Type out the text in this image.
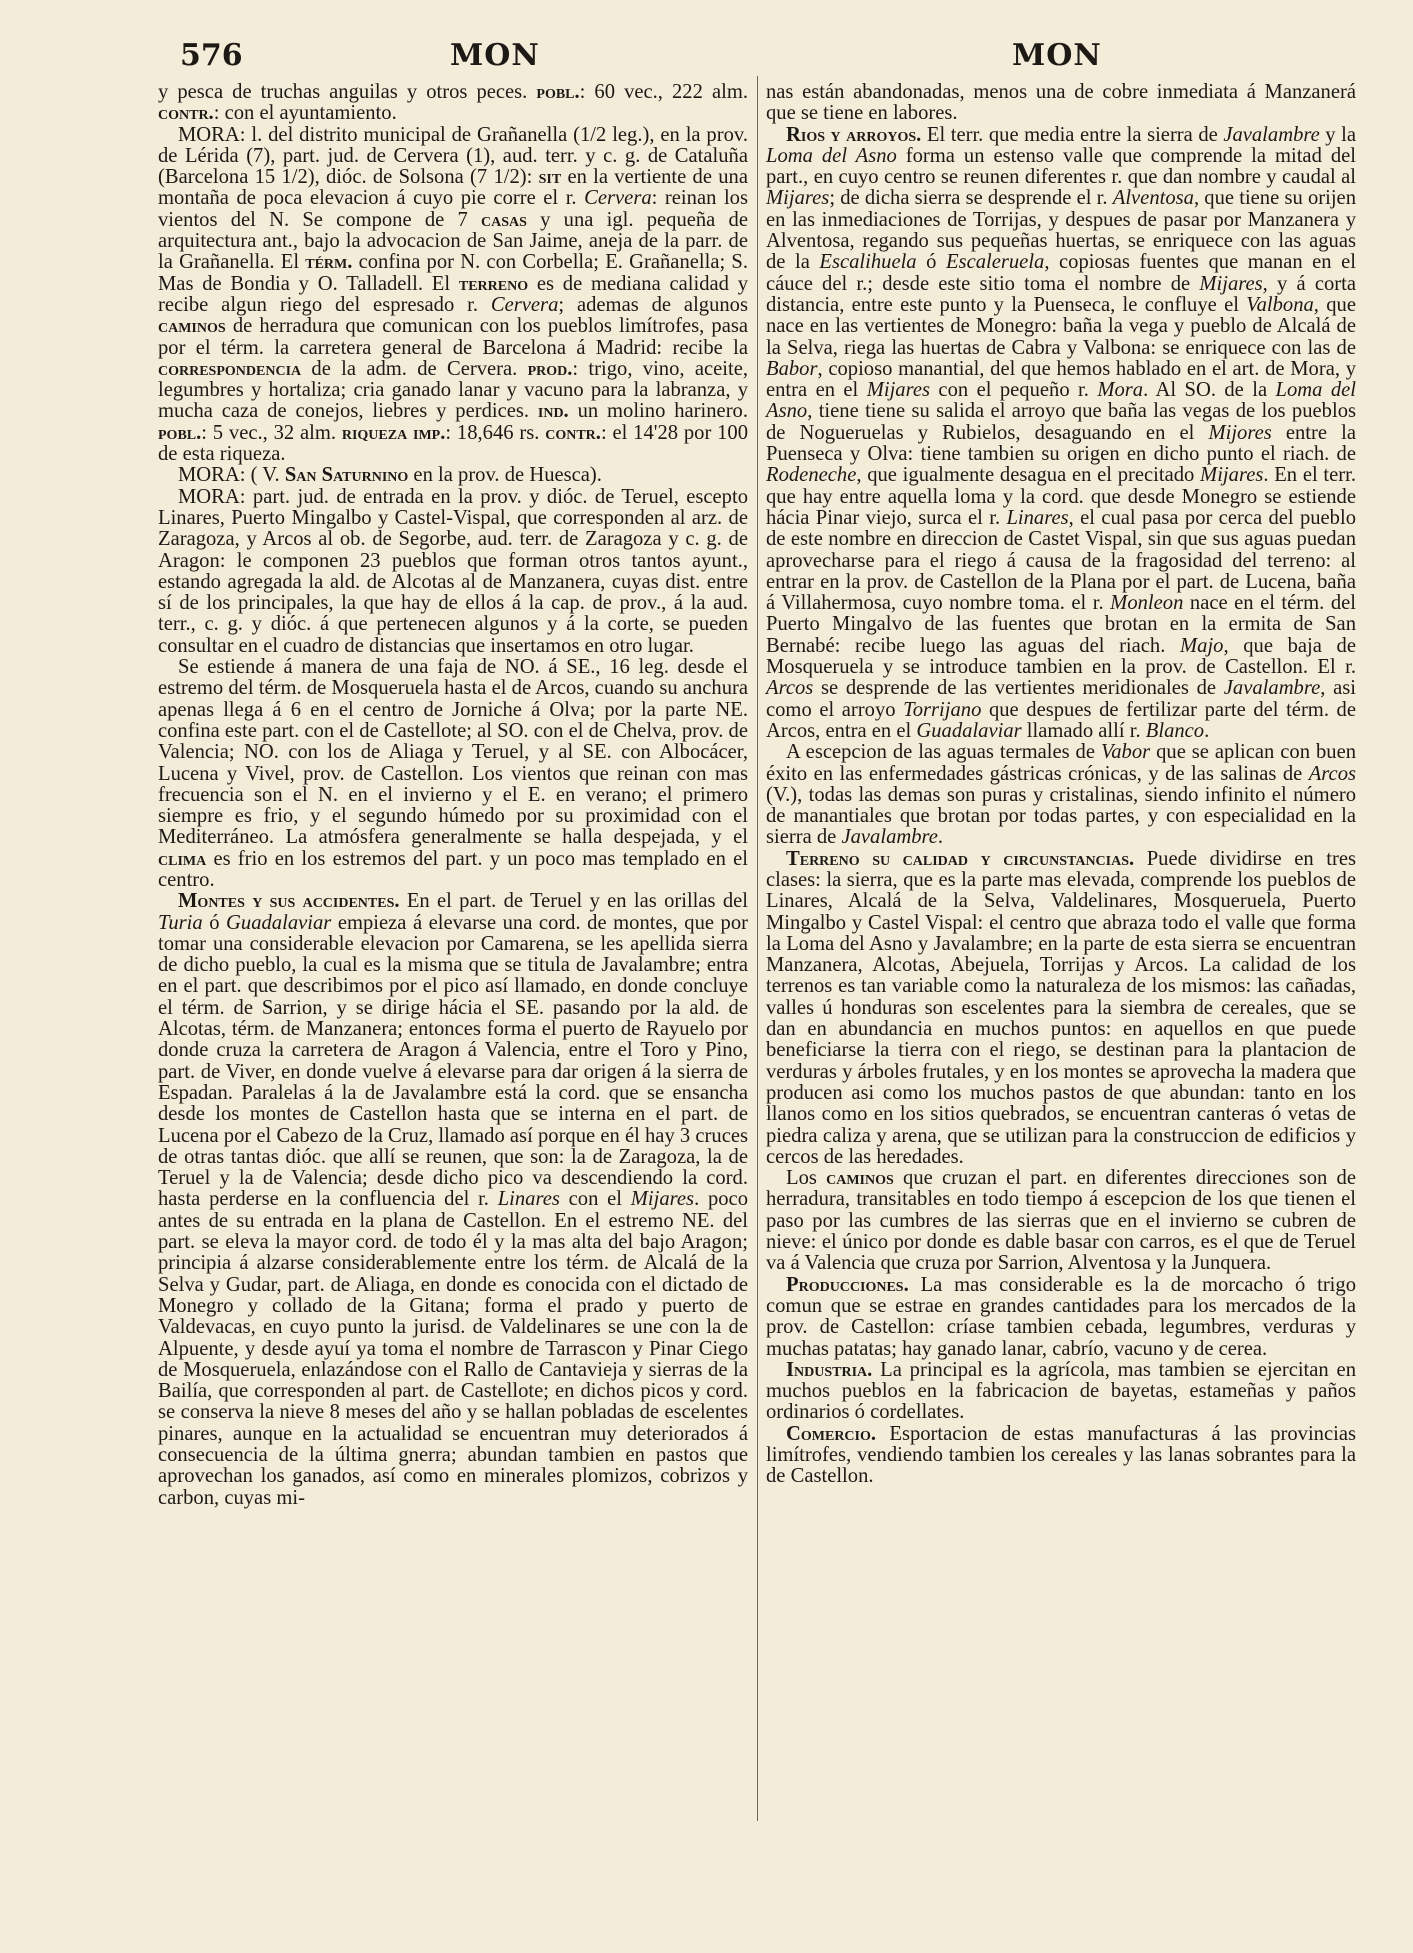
576	MON	MON

y pesca de truchas anguilas y otros peces. pobl.: 60 vec., 222 alm. contr.: con el ayuntamiento.

MORA: l. del distrito municipal de Grañanella (1/2 leg.), en la prov. de Lérida (7), part. jud. de Cervera (1), aud. terr. y c. g. de Cataluña (Barcelona 15 1/2), dióc. de Solsona (7 1/2): sit en la vertiente de una montaña de poca elevacion á cuyo pie corre el r. Cervera: reinan los vientos del N. Se compone de 7 casas y una igl. pequeña de arquitectura ant., bajo la advocacion de San Jaime, aneja de la parr. de la Grañanella. El térm. confina por N. con Corbella; E. Grañanella; S. Mas de Bondia y O. Talladell. El terreno es de mediana calidad y recibe algun riego del espresado r. Cervera; ademas de algunos caminos de herradura que comunican con los pueblos limítrofes, pasa por el térm. la carretera general de Barcelona á Madrid: recibe la correspondencia de la adm. de Cervera. prod.: trigo, vino, aceite, legumbres y hortaliza; cria ganado lanar y vacuno para la labranza, y mucha caza de conejos, liebres y perdices. ind. un molino harinero. pobl.: 5 vec., 32 alm. riqueza imp.: 18,646 rs. contr.: el 14'28 por 100 de esta riqueza.

MORA: ( V. San Saturnino en la prov. de Huesca).

MORA: part. jud. de entrada en la prov. y dióc. de Teruel, escepto Linares, Puerto Mingalbo y Castel-Vispal, que corresponden al arz. de Zaragoza, y Arcos al ob. de Segorbe, aud. terr. de Zaragoza y c. g. de Aragon: le componen 23 pueblos que forman otros tantos ayunt., estando agregada la ald. de Alcotas al de Manzanera, cuyas dist. entre sí de los principales, la que hay de ellos á la cap. de prov., á la aud. terr., c. g. y dióc. á que pertenecen algunos y á la corte, se pueden consultar en el cuadro de distancias que insertamos en otro lugar.

Se estiende á manera de una faja de NO. á SE., 16 leg. desde el estremo del térm. de Mosqueruela hasta el de Arcos, cuando su anchura apenas llega á 6 en el centro de Jorniche á Olva; por la parte NE. confina este part. con el de Castellote; al SO. con el de Chelva, prov. de Valencia; NO. con los de Aliaga y Teruel, y al SE. con Albocácer, Lucena y Vivel, prov. de Castellon. Los vientos que reinan con mas frecuencia son el N. en el invierno y el E. en verano; el primero siempre es frio, y el segundo húmedo por su proximidad con el Mediterráneo. La atmósfera generalmente se halla despejada, y el clima es frio en los estremos del part. y un poco mas templado en el centro.

Montes y sus accidentes. En el part. de Teruel y en las orillas del Turia ó Guadalaviar empieza á elevarse una cord. de montes, que por tomar una considerable elevacion por Camarena, se les apellida sierra de dicho pueblo, la cual es la misma que se titula de Javalambre; entra en el part. que describimos por el pico así llamado, en donde concluye el térm. de Sarrion, y se dirige hácia el SE. pasando por la ald. de Alcotas, térm. de Manzanera; entonces forma el puerto de Rayuelo por donde cruza la carretera de Aragon á Valencia, entre el Toro y Pino, part. de Viver, en donde vuelve á elevarse para dar origen á la sierra de Espadan. Paralelas á la de Javalambre está la cord. que se ensancha desde los montes de Castellon hasta que se interna en el part. de Lucena por el Cabezo de la Cruz, llamado así porque en él hay 3 cruces de otras tantas dióc. que allí se reunen, que son: la de Zaragoza, la de Teruel y la de Valencia; desde dicho pico va descendiendo la cord. hasta perderse en la confluencia del r. Linares con el Mijares. poco antes de su entrada en la plana de Castellon. En el estremo NE. del part. se eleva la mayor cord. de todo él y la mas alta del bajo Aragon; principia á alzarse considerablemente entre los térm. de Alcalá de la Selva y Gudar, part. de Aliaga, en donde es conocida con el dictado de Monegro y collado de la Gitana; forma el prado y puerto de Valdevacas, en cuyo punto la jurisd. de Valdelinares se une con la de Alpuente, y desde ayuí ya toma el nombre de Tarrascon y Pinar Ciego de Mosqueruela, enlazándose con el Rallo de Cantavieja y sierras de la Bailía, que corresponden al part. de Castellote; en dichos picos y cord. se conserva la nieve 8 meses del año y se hallan pobladas de escelentes pinares, aunque en la actualidad se encuentran muy deteriorados á consecuencia de la última gnerra; abundan tambien en pastos que aprovechan los ganados, así como en minerales plomizos, cobrizos y carbon, cuyas mi-

nas están abandonadas, menos una de cobre inmediata á Manzanerá que se tiene en labores.

Rios y arroyos. El terr. que media entre la sierra de Javalambre y la Loma del Asno forma un estenso valle que comprende la mitad del part., en cuyo centro se reunen diferentes r. que dan nombre y caudal al Mijares; de dicha sierra se desprende el r. Alventosa, que tiene su orijen en las inmediaciones de Torrijas, y despues de pasar por Manzanera y Alventosa, regando sus pequeñas huertas, se enriquece con las aguas de la Escalihuela ó Escaleruela, copiosas fuentes que manan en el cáuce del r.; desde este sitio toma el nombre de Mijares, y á corta distancia, entre este punto y la Puenseca, le confluye el Valbona, que nace en las vertientes de Monegro: baña la vega y pueblo de Alcalá de la Selva, riega las huertas de Cabra y Valbona: se enriquece con las de Babor, copioso manantial, del que hemos hablado en el art. de Mora, y entra en el Mijares con el pequeño r. Mora. Al SO. de la Loma del Asno, tiene tiene su salida el arroyo que baña las vegas de los pueblos de Nogueruelas y Rubielos, desaguando en el Mijores entre la Puenseca y Olva: tiene tambien su origen en dicho punto el riach. de Rodeneche, que igualmente desagua en el precitado Mijares. En el terr. que hay entre aquella loma y la cord. que desde Monegro se estiende hácia Pinar viejo, surca el r. Linares, el cual pasa por cerca del pueblo de este nombre en direccion de Castet Vispal, sin que sus aguas puedan aprovecharse para el riego á causa de la fragosidad del terreno: al entrar en la prov. de Castellon de la Plana por el part. de Lucena, baña á Villahermosa, cuyo nombre toma. el r. Monleon nace en el térm. del Puerto Mingalvo de las fuentes que brotan en la ermita de San Bernabé: recibe luego las aguas del riach. Majo, que baja de Mosqueruela y se introduce tambien en la prov. de Castellon. El r. Arcos se desprende de las vertientes meridionales de Javalambre, asi como el arroyo Torrijano que despues de fertilizar parte del térm. de Arcos, entra en el Guadalaviar llamado allí r. Blanco.

A escepcion de las aguas termales de Vabor que se aplican con buen éxito en las enfermedades gástricas crónicas, y de las salinas de Arcos (V.), todas las demas son puras y cristalinas, siendo infinito el número de manantiales que brotan por todas partes, y con especialidad en la sierra de Javalambre.

Terreno su calidad y circunstancias. Puede dividirse en tres clases: la sierra, que es la parte mas elevada, comprende los pueblos de Linares, Alcalá de la Selva, Valdelinares, Mosqueruela, Puerto Mingalbo y Castel Vispal: el centro que abraza todo el valle que forma la Loma del Asno y Javalambre; en la parte de esta sierra se encuentran Manzanera, Alcotas, Abejuela, Torrijas y Arcos. La calidad de los terrenos es tan variable como la naturaleza de los mismos: las cañadas, valles ú honduras son escelentes para la siembra de cereales, que se dan en abundancia en muchos puntos: en aquellos en que puede beneficiarse la tierra con el riego, se destinan para la plantacion de verduras y árboles frutales, y en los montes se aprovecha la madera que producen asi como los muchos pastos de que abundan: tanto en los llanos como en los sitios quebrados, se encuentran canteras ó vetas de piedra caliza y arena, que se utilizan para la construccion de edificios y cercos de las heredades.

Los caminos que cruzan el part. en diferentes direcciones son de herradura, transitables en todo tiempo á escepcion de los que tienen el paso por las cumbres de las sierras que en el invierno se cubren de nieve: el único por donde es dable basar con carros, es el que de Teruel va á Valencia que cruza por Sarrion, Alventosa y la Junquera.

Producciones. La mas considerable es la de morcacho ó trigo comun que se estrae en grandes cantidades para los mercados de la prov. de Castellon: críase tambien cebada, legumbres, verduras y muchas patatas; hay ganado lanar, cabrío, vacuno y de cerea.

Industria. La principal es la agrícola, mas tambien se ejercitan en muchos pueblos en la fabricacion de bayetas, estameñas y paños ordinarios ó cordellates.

Comercio. Esportacion de estas manufacturas á las provincias limítrofes, vendiendo tambien los cereales y las lanas sobrantes para la de Castellon.
